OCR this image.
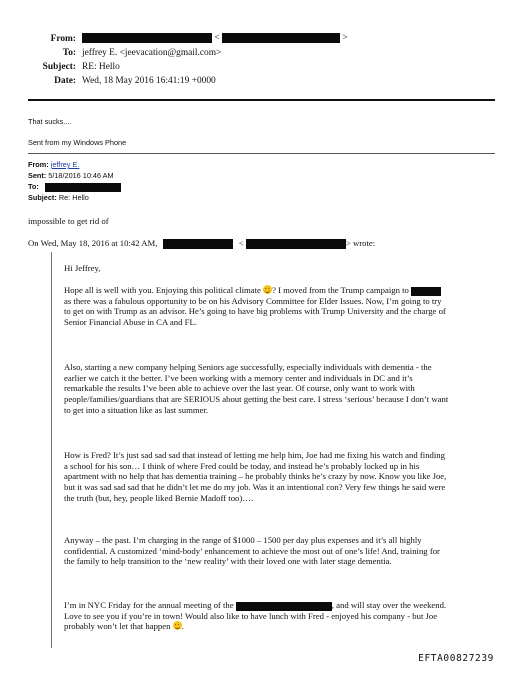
From:	<	>
To: jeffrey E. <jeevacation@gmail.com>
Subject: RE: Hello
Date: Wed, 18 May 2016 16:41:19 +0000
That sucks....
Sent from my Windows Phone
From: jeffrey E.
Sent: 5/18/2016 10:46 AM
To:
Subject: Re: Hello
impossible to get rid of
On Wed, May 18, 2016 at 10:42 AM,	<	> wrote:
Hi Jeffrey,
Hope all is well with you. Enjoying this political climate ? I moved from the Trump campaign to
as there was a fabulous opportunity to be on his Advisory Committee for Elder Issues. Now, I’m going to try
to get on with Trump as an advisor. He’s going to have big problems with Trump University and the charge of
Senior Financial Abuse in CA and FL.
Also, starting a new company helping Seniors age successfully, especially individuals with dementia - the
earlier we catch it the better. I’ve been working with a memory center and individuals in DC and it’s
remarkable the results I’ve been able to achieve over the last year. Of course, only want to work with
people/families/guardians that are SERIOUS about getting the best care. I stress ‘serious’ because I don’t want
to get into a situation like as last summer.
How is Fred? It’s just sad sad sad that instead of letting me help him, Joe had me fixing his watch and finding
a school for his son… I think of where Fred could be today, and instead he’s probably locked up in his
apartment with no help that has dementia training – he probably thinks he’s crazy by now. Know you like Joe,
but it was sad sad sad that he didn’t let me do my job. Was it an intentional con? Very few things he said were
the truth (but, hey, people liked Bernie Madoff too)….
Anyway – the past. I’m charging in the range of $1000 – 1500 per day plus expenses and it’s all highly
confidential. A customized ‘mind-body’ enhancement to achieve the most out of one’s life! And, training for
the family to help transition to the ‘new reality’ with their loved one with later stage dementia.
I’m in NYC Friday for the annual meeting of the	, and will stay over the weekend.
Love to see you if you’re in town! Would also like to have lunch with Fred - enjoyed his company - but Joe
probably won’t let that happen .
EFTA00827239
